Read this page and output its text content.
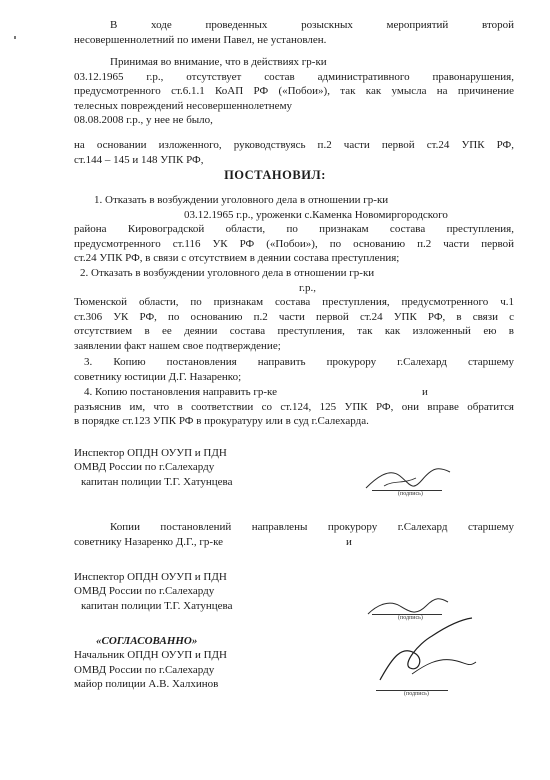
В ходе проведенных розыскных мероприятий второй
несовершеннолетний по имени Павел, не установлен.
Принимая во внимание, что в действиях гр-ки
03.12.1965 г.р., отсутствует состав административного правонарушения,
предусмотренного ст.6.1.1 КоАП РФ («Побои»), так как умысла на причинение
телесных повреждений несовершеннолетнему
08.08.2008 г.р., у нее не было,
на основании изложенного, руководствуясь п.2 части первой ст.24 УПК РФ,
ст.144 – 145 и 148 УПК РФ,
ПОСТАНОВИЛ:
1. Отказать в возбуждении уголовного дела в отношении гр-ки
03.12.1965 г.р., уроженки с.Каменка Новомиргородского
района Кировоградской области, по признакам состава преступления,
предусмотренного ст.116 УК РФ («Побои»), по основанию п.2 части первой
ст.24 УПК РФ, в связи с отсутствием в деянии состава преступления;
2. Отказать в возбуждении уголовного дела в отношении гр-ки
г.р.,
Тюменской области, по признакам состава преступления, предусмотренного ч.1
ст.306 УК РФ, по основанию п.2 части первой ст.24 УПК РФ, в связи с
отсутствием в ее деянии состава преступления, так как изложенный ею в
заявлении факт нашем свое подтверждение;
3. Копию постановления направить прокурору г.Салехард старшему
советнику юстиции Д.Г. Назаренко;
4. Копию постановления направить гр-ке	и
разъяснив им, что в соответствии со ст.124, 125 УПК РФ, они вправе обратится
в порядке ст.123 УПК РФ в прокуратуру или в суд г.Салехарда.
Инспектор ОПДН ОУУП и ПДН
ОМВД России по г.Салехарду
капитан полиции Т.Г. Хатунцева
(подпись)
Копии постановлений направлены прокурору г.Салехард старшему
советнику Назаренко Д.Г., гр-ке	и
Инспектор ОПДН ОУУП и ПДН
ОМВД России по г.Салехарду
капитан полиции Т.Г. Хатунцева
(подпись)
«СОГЛАСОВАННО»
Начальник ОПДН ОУУП и ПДН
ОМВД России по г.Салехарду
майор полиции А.В. Халхинов
(подпись)
